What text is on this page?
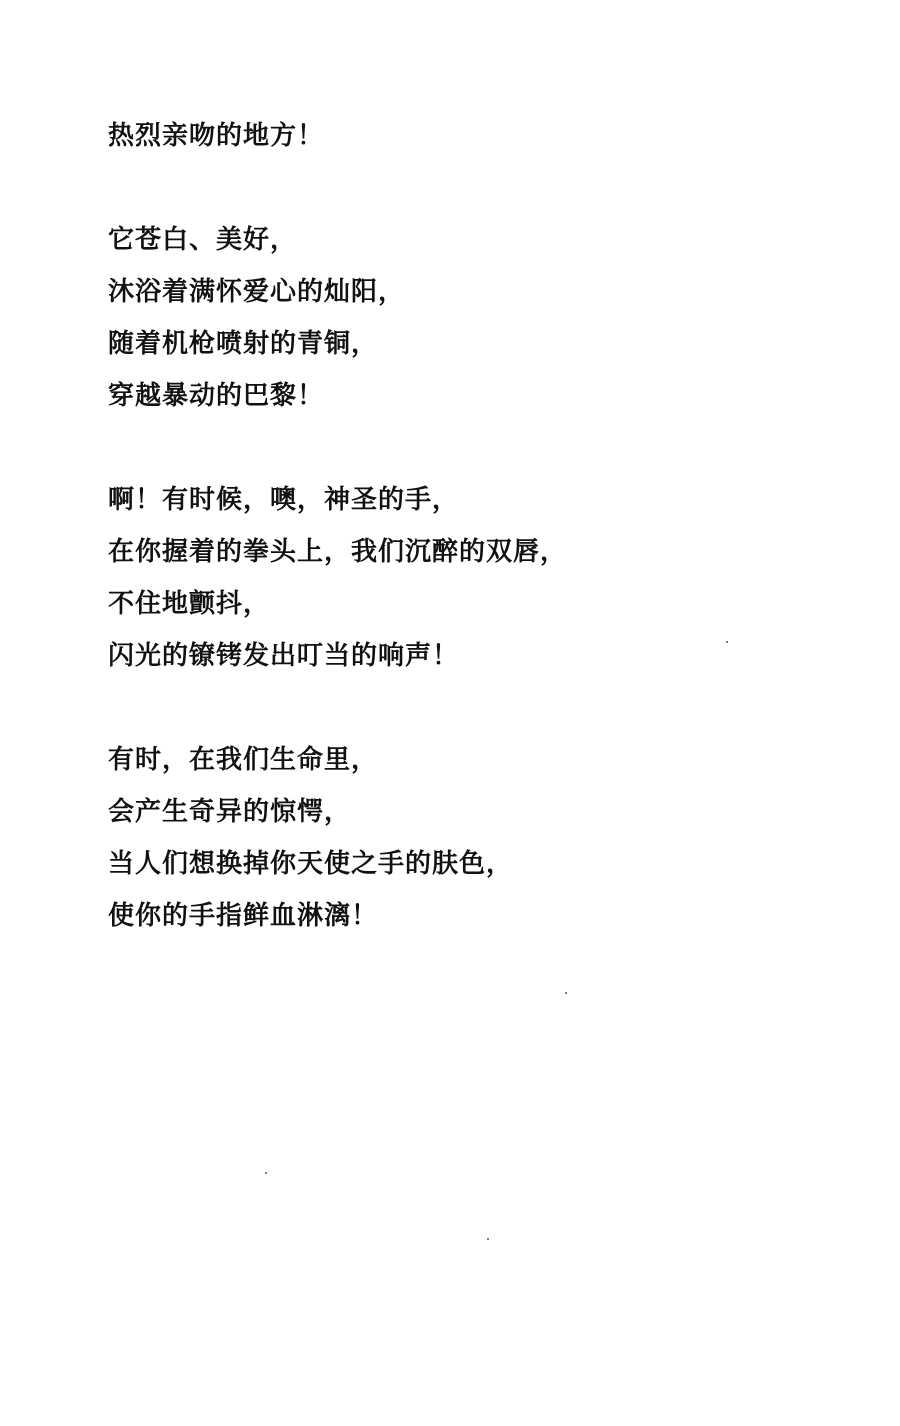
热烈亲吻的地方！
它苍白、美好，
沐浴着满怀爱心的灿阳，
随着机枪喷射的青铜，
穿越暴动的巴黎！
啊！有时候，噢，神圣的手，
在你握着的拳头上，我们沉醉的双唇，
不住地颤抖，
闪光的镣铐发出叮当的响声！
有时，在我们生命里，
会产生奇异的惊愕，
当人们想换掉你天使之手的肤色，
使你的手指鲜血淋漓！
